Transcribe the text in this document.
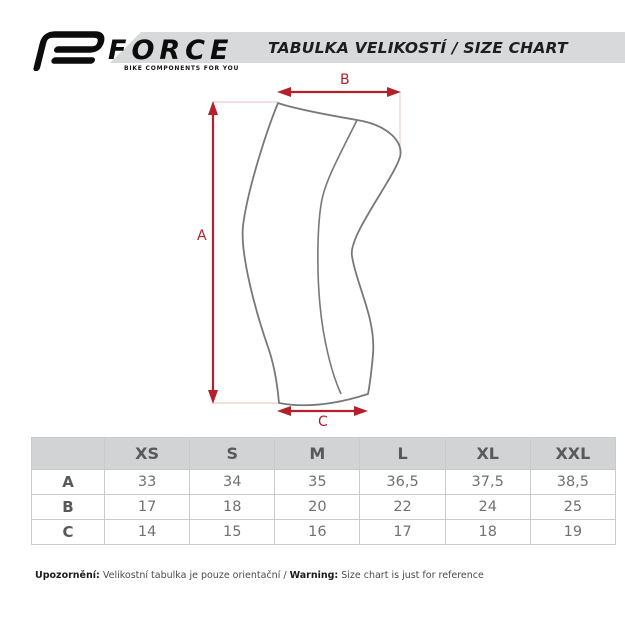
FORCE
BIKE COMPONENTS FOR YOU
TABULKA VELIKOSTÍ / SIZE CHART
A
B
C
	XS	S	M	L	XL	XXL
A	33	34	35	36,5	37,5	38,5
B	17	18	20	22	24	25
C	14	15	16	17	18	19
Upozornění: Velikostní tabulka je pouze orientační / Warning: Size chart is just for reference
